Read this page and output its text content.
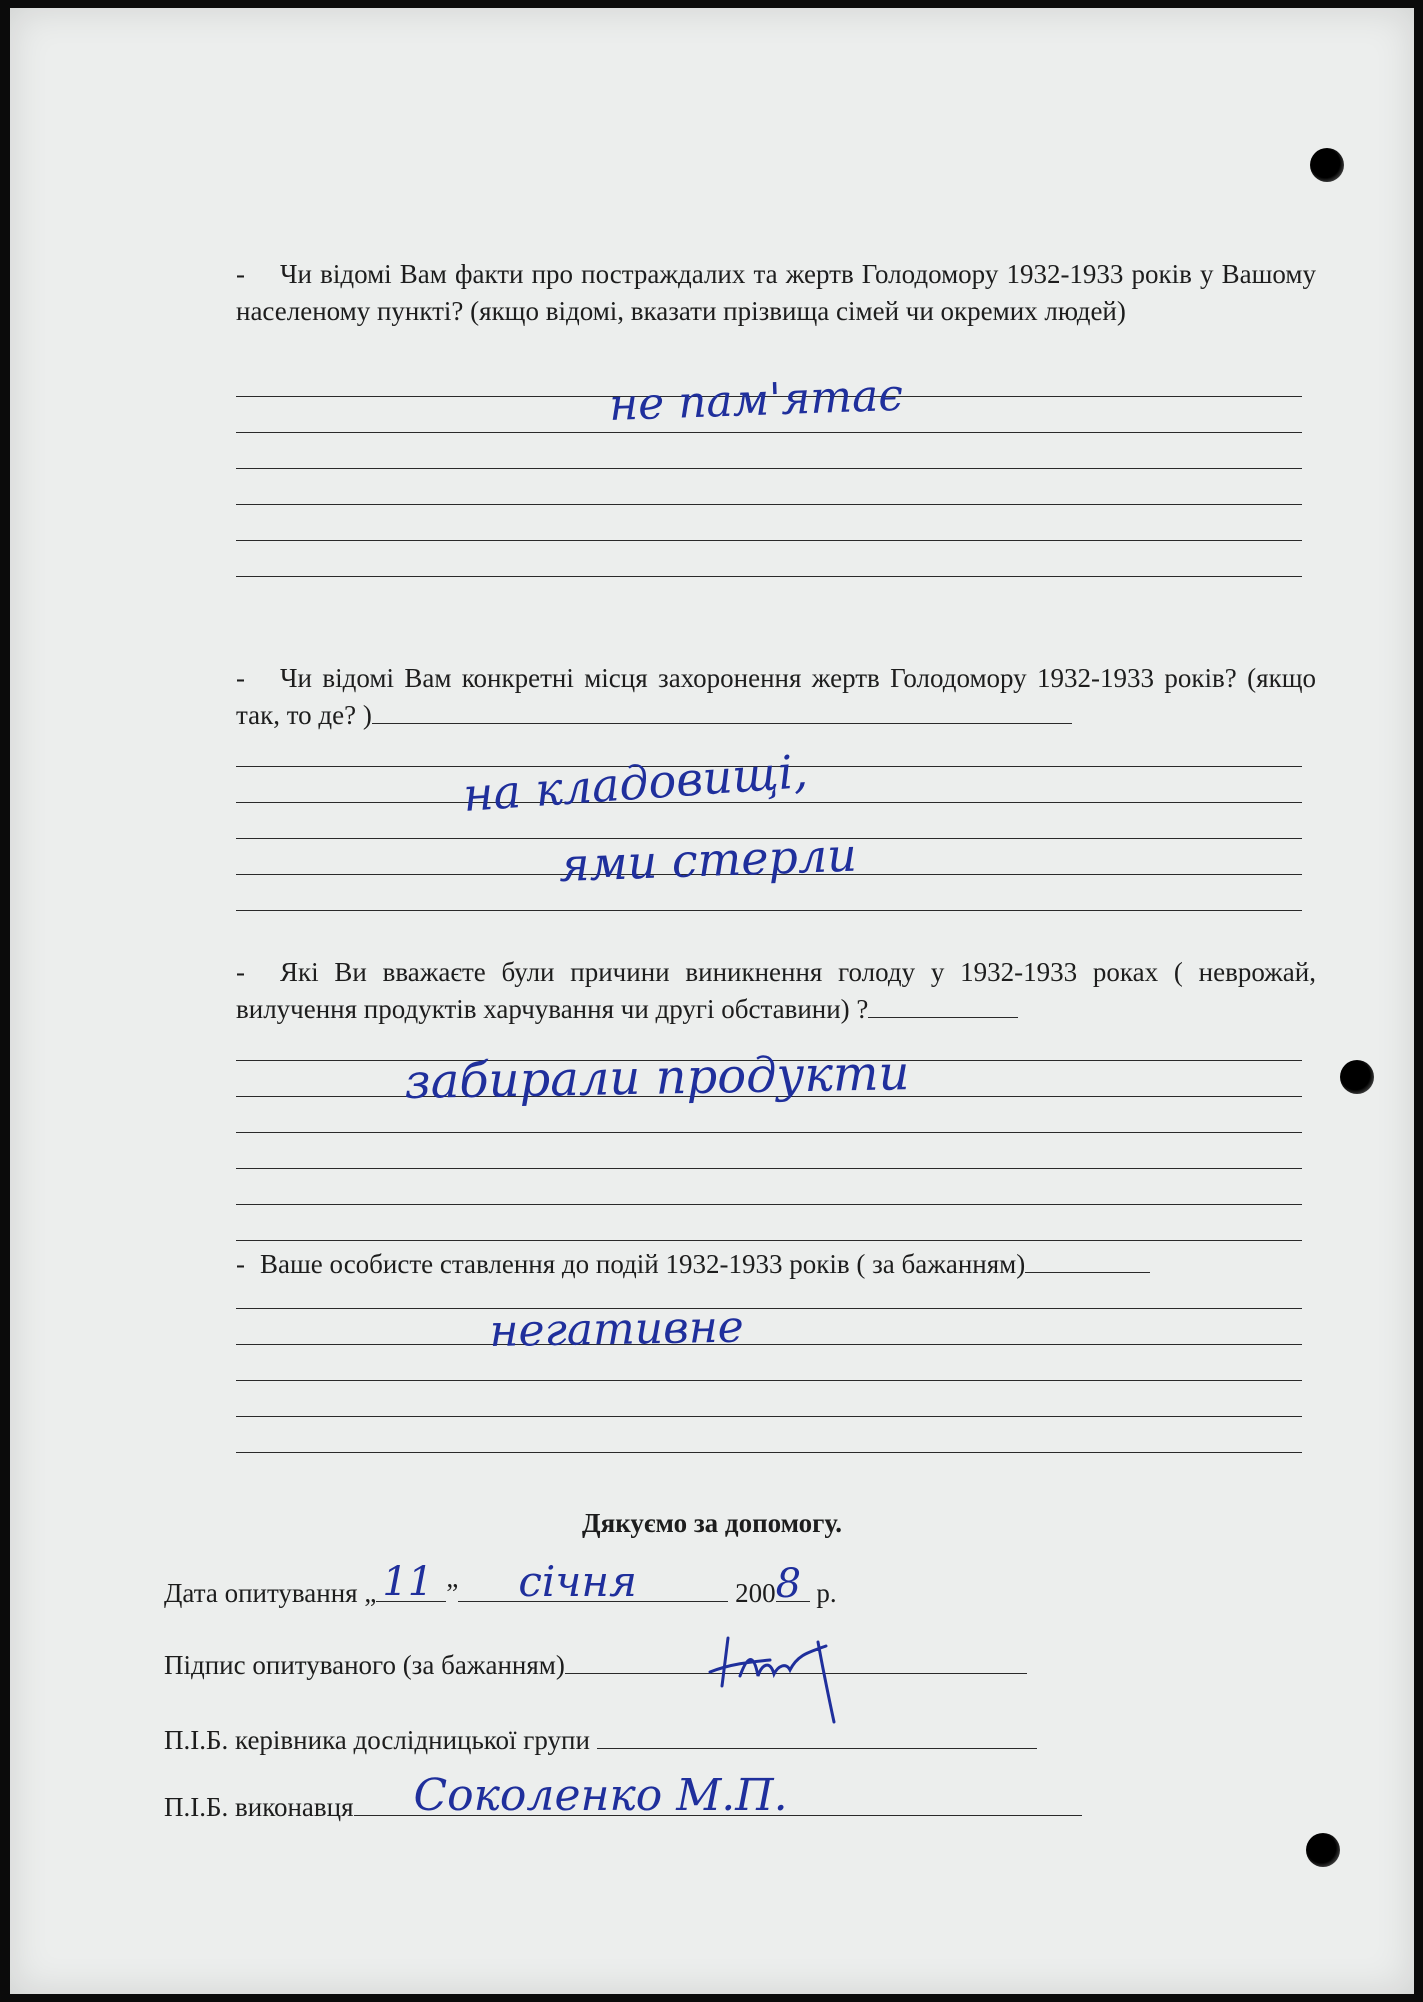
- Чи відомі Вам факти про постраждалих та жертв Голодомору 1932-1933 років у Вашому населеному пункті? (якщо відомі, вказати прізвища сімей чи окремих людей)

не пам'ятає

- Чи відомі Вам конкретні місця захоронення жертв Голодомору 1932-1933 років? (якщо так, то де? )

на кладовищі,
ями стерли

- Які Ви вважаєте були причини виникнення голоду у 1932-1933 роках ( неврожай, вилучення продуктів харчування чи другі обставини) ?

забирали продукти

- Ваше особисте ставлення до подій 1932-1933 років ( за бажанням)

негативне
Дякуємо за допомогу.
Дата опитування „ 11 ” січня	200 8 р.
Підпис опитуваного (за бажанням)
П.І.Б. керівника дослідницької групи
П.І.Б. виконавця Соколенко М.П.
